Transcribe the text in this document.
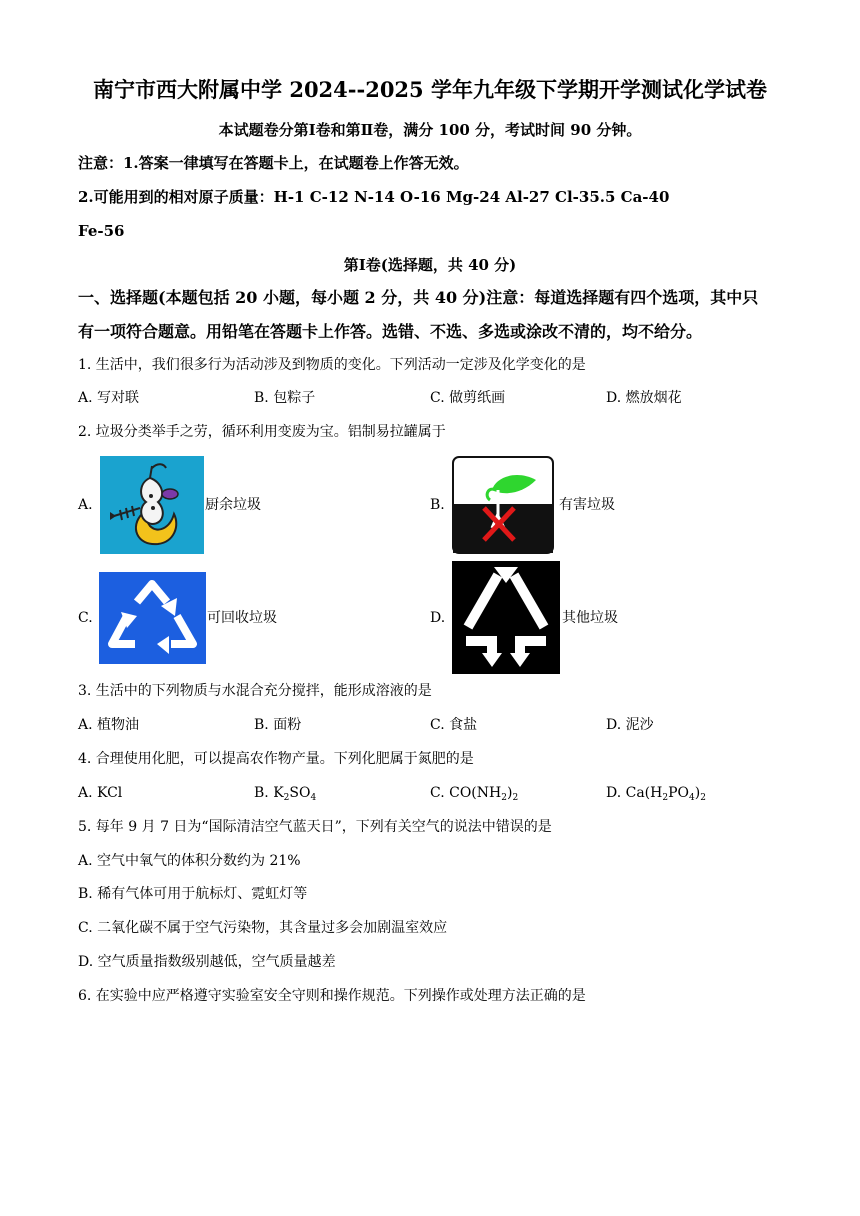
南宁市西大附属中学 2024--2025 学年九年级下学期开学测试化学试卷
本试题卷分第Ⅰ卷和第Ⅱ卷，满分 100 分，考试时间 90 分钟。
注意：1.答案一律填写在答题卡上，在试题卷上作答无效。
2.可能用到的相对原子质量：H-1 C-12 N-14 O-16 Mg-24 Al-27 Cl-35.5 Ca-40
Fe-56
第Ⅰ卷(选择题，共 40 分)
一、选择题(本题包括 20 小题，每小题 2 分，共 40 分)注意：每道选择题有四个选项，其中只
有一项符合题意。用铅笔在答题卡上作答。选错、不选、多选或涂改不清的，均不给分。
1. 生活中，我们很多行为活动涉及到物质的变化。下列活动一定涉及化学变化的是
A. 写对联	B. 包粽子	C. 做剪纸画	D. 燃放烟花
2. 垃圾分类举手之劳，循环利用变废为宝。铝制易拉罐属于
A.	厨余垃圾	B.	有害垃圾
C.	可回收垃圾	D.	其他垃圾
3. 生活中的下列物质与水混合充分搅拌，能形成溶液的是
A. 植物油	B. 面粉	C. 食盐	D. 泥沙
4. 合理使用化肥，可以提高农作物产量。下列化肥属于氮肥的是
A. KCl	B. $K_2SO_4$	C. $CO(NH_2)_2$	D. $Ca(H_2PO_4)_2$
5. 每年 9 月 7 日为“国际清洁空气蓝天日”，下列有关空气的说法中错误的是
A. 空气中氧气的体积分数约为 21%
B. 稀有气体可用于航标灯、霓虹灯等
C. 二氧化碳不属于空气污染物，其含量过多会加剧温室效应
D. 空气质量指数级别越低，空气质量越差
6. 在实验中应严格遵守实验室安全守则和操作规范。下列操作或处理方法正确的是
